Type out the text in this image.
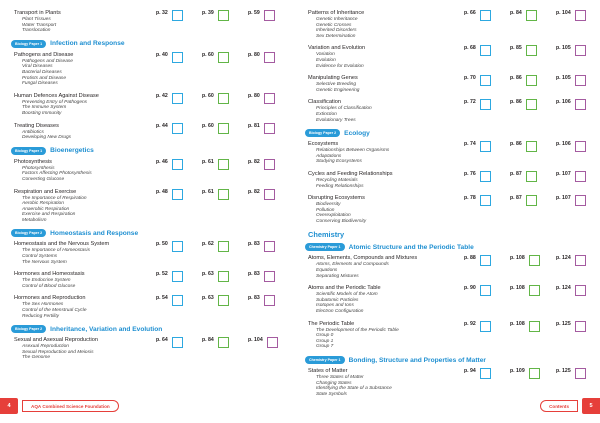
Transport in Plants
Plant Tissues
Water Transport
Translocation
p. 32	p. 39	p. 59
Biology Paper 1	Infection and Response
Pathogens and Disease
Pathogens and Disease
Viral Diseases
Bacterial Diseases
Protists and Disease
Fungal Diseases
p. 40	p. 60	p. 80
Human Defences Against Disease
Preventing Entry of Pathogens
The Immune System
Boosting Immunity
p. 42	p. 60	p. 80
Treating Diseases
Antibiotics
Developing New Drugs
p. 44	p. 60	p. 81
Biology Paper 1	Bioenergetics
Photosynthesis
Photosynthesis
Factors Affecting Photosynthesis
Converting Glucose
p. 46	p. 61	p. 82
Respiration and Exercise
The Importance of Respiration
Aerobic Respiration
Anaerobic Respiration
Exercise and Respiration
Metabolism
p. 48	p. 61	p. 82
Biology Paper 2	Homeostasis and Response
Homeostasis and the Nervous System
The Importance of Homeostasis
Control Systems
The Nervous System
p. 50	p. 62	p. 83
Hormones and Homeostasis
The Endocrine System
Control of Blood Glucose
p. 52	p. 63	p. 83
Hormones and Reproduction
The Sex Hormones
Control of the Menstrual Cycle
Reducing Fertility
p. 54	p. 63	p. 83
Biology Paper 2	Inheritance, Variation and Evolution
Sexual and Asexual Reproduction
Asexual Reproduction
Sexual Reproduction and Meiosis
The Genome
p. 64	p. 84	p. 104
Patterns of Inheritance
Genetic Inheritance
Genetic Crosses
Inherited Disorders
Sex Determination
p. 66	p. 84	p. 104
Variation and Evolution
Variation
Evolution
Evidence for Evolution
p. 68	p. 85	p. 105
Manipulating Genes
Selective Breeding
Genetic Engineering
p. 70	p. 86	p. 105
Classification
Principles of Classification
Extinction
Evolutionary Trees
p. 72	p. 86	p. 106
Biology Paper 2	Ecology
Ecosystems
Relationships Between Organisms
Adaptations
Studying Ecosystems
p. 74	p. 86	p. 106
Cycles and Feeding Relationships
Recycling Materials
Feeding Relationships
p. 76	p. 87	p. 107
Disrupting Ecosystems
Biodiversity
Pollution
Overexploitation
Conserving Biodiversity
p. 78	p. 87	p. 107
Chemistry
Chemistry Paper 1	Atomic Structure and the Periodic Table
Atoms, Elements, Compounds and Mixtures
Atoms, Elements and Compounds
Equations
Separating Mixtures
p. 88	p. 108	p. 124
Atoms and the Periodic Table
Scientific Models of the Atom
Subatomic Particles
Isotopes and Ions
Electron Configuration
p. 90	p. 108	p. 124
The Periodic Table
The Development of the Periodic Table
Group 0
Group 1
Group 7
p. 92	p. 108	p. 125
Chemistry Paper 1	Bonding, Structure and Properties of Matter
States of Matter
Three States of Matter
Changing States
Identifying the State of a Substance
State Symbols
p. 94	p. 109	p. 125
4	AQA Combined Science Foundation	Contents	5
